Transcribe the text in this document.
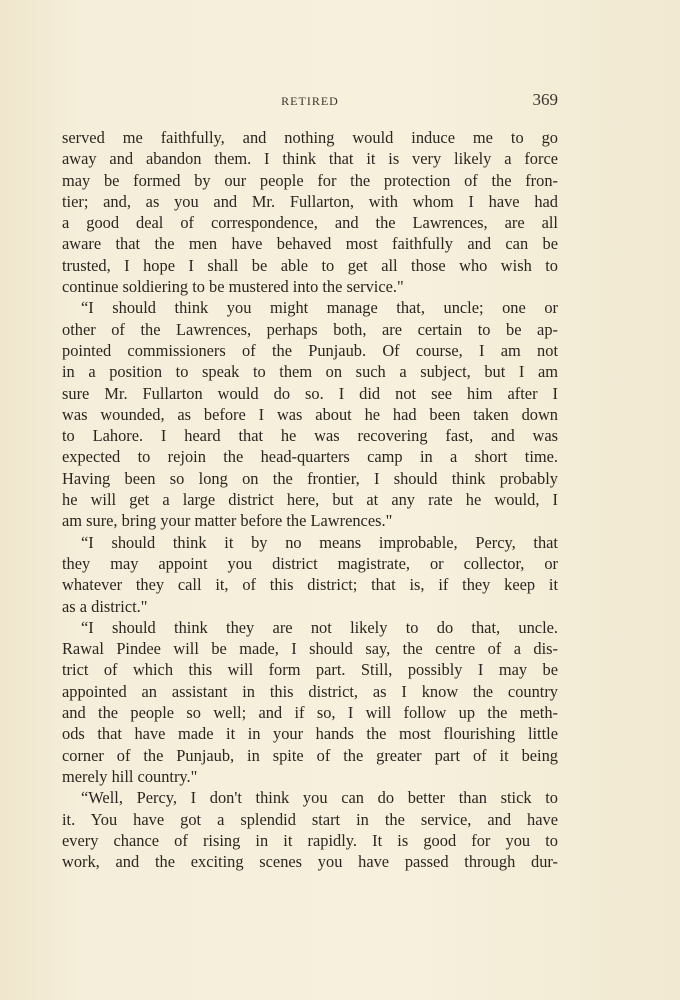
RETIRED	369
served me faithfully, and nothing would induce me to go
away and abandon them. I think that it is very likely a force
may be formed by our people for the protection of the fron-
tier; and, as you and Mr. Fullarton, with whom I have had
a good deal of correspondence, and the Lawrences, are all
aware that the men have behaved most faithfully and can be
trusted, I hope I shall be able to get all those who wish to
continue soldiering to be mustered into the service."
“I should think you might manage that, uncle; one or
other of the Lawrences, perhaps both, are certain to be ap-
pointed commissioners of the Punjaub. Of course, I am not
in a position to speak to them on such a subject, but I am
sure Mr. Fullarton would do so. I did not see him after I
was wounded, as before I was about he had been taken down
to Lahore. I heard that he was recovering fast, and was
expected to rejoin the head-quarters camp in a short time.
Having been so long on the frontier, I should think probably
he will get a large district here, but at any rate he would, I
am sure, bring your matter before the Lawrences."
“I should think it by no means improbable, Percy, that
they may appoint you district magistrate, or collector, or
whatever they call it, of this district; that is, if they keep it
as a district."
“I should think they are not likely to do that, uncle.
Rawal Pindee will be made, I should say, the centre of a dis-
trict of which this will form part. Still, possibly I may be
appointed an assistant in this district, as I know the country
and the people so well; and if so, I will follow up the meth-
ods that have made it in your hands the most flourishing little
corner of the Punjaub, in spite of the greater part of it being
merely hill country."
“Well, Percy, I don't think you can do better than stick to
it. You have got a splendid start in the service, and have
every chance of rising in it rapidly. It is good for you to
work, and the exciting scenes you have passed through dur-
